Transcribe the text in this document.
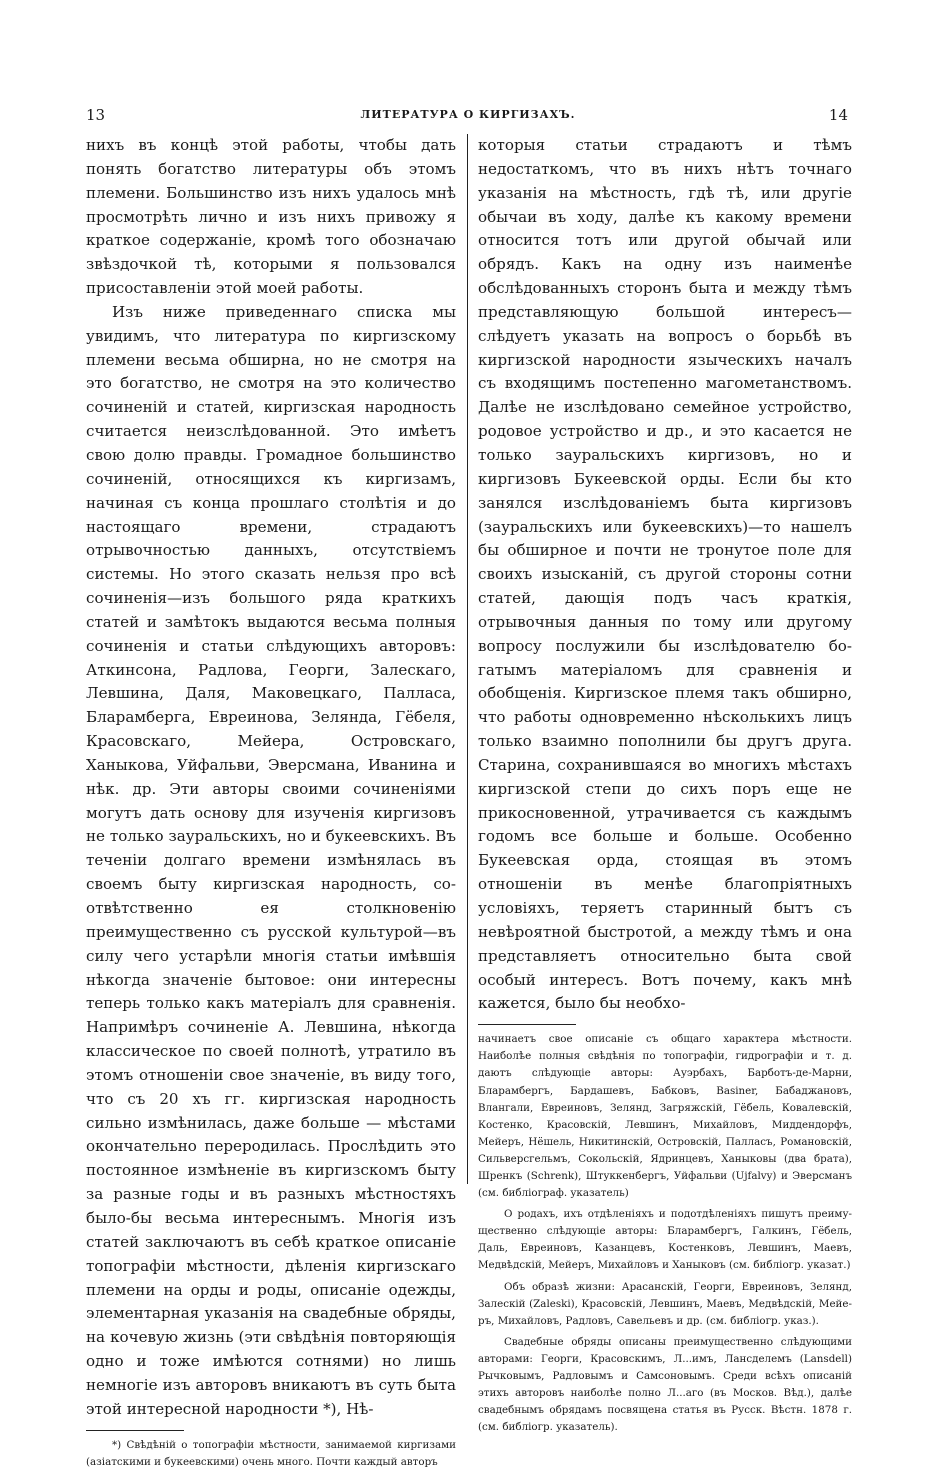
13	ЛИТЕРАТУРА О КИРГИЗАХЪ.	14

нихъ въ концѣ этой работы, чтобы дать понять богатство литературы объ этомъ племени. Большинство изъ нихъ удалось мнѣ просмотрѣть лично и изъ нихъ привожу я краткое содержаніе, кромѣ того обозначаю звѣздочкой тѣ, которыми я пользовался присоставленіи этой моей работы.

Изъ ниже приведеннаго списка мы увидимъ, что литература по киргизскому племени весьма обширна, но не смотря на это богатство, не смотря на это количество сочиненій и статей, киргизская народность считается неизслѣдованной. Это имѣетъ свою долю правды. Громадное большинство сочиненій, относящихся къ киргизамъ, начиная съ конца прошлаго столѣтія и до настоящаго времени, страдаютъ отрывочностью данныхъ, отсутствіемъ системы. Но этого сказать нельзя про всѣ сочиненія—изъ большого ряда краткихъ статей и замѣтокъ выдаются весьма полныя сочиненія и статьи слѣдующихъ авторовъ: Аткинсона, Радлова, Георги, Залескаго, Левшина, Даля, Маковецкаго, Палласа, Бларамберга, Евреинова, Зелянда, Гёбеля, Красовскаго, Мейера, Островскаго, Ханыкова, Уйфальви, Эверсмана, Иванина и нѣк. др. Эти авторы своими сочиненіями могутъ дать основу для изученія киргизовъ не только зауральскихъ, но и букеевскихъ. Въ теченіи долгаго времени измѣнялась въ своемъ быту киргизская народность, соотвѣтственно ея столкновенію преимущественно съ русской культурой—въ силу чего устарѣли многія статьи имѣвшія нѣкогда значеніе бытовое: они интересны теперь только какъ матеріалъ для сравненія. Напримѣръ сочиненіе А. Левшина, нѣкогда классическое по своей полнотѣ, утратило въ этомъ отношеніи свое значеніе, въ виду того, что съ 20 хъ гг. киргизская народность сильно измѣнилась, даже больше — мѣстами окончательно переродилась. Прослѣдить это постоянное измѣненіе въ киргизскомъ быту за разные годы и въ разныхъ мѣстностяхъ было-бы весьма интереснымъ. Многія изъ статей заключаютъ въ себѣ краткое описаніе топографіи мѣстности, дѣленія киргизскаго племени на орды и роды, описаніе одежды, элементарная указанія на свадебные обряды, на кочевую жизнь (эти свѣдѣнія повторяющія одно и тоже имѣются сотнями) но лишь немногіе изъ авторовъ вникаютъ въ суть быта этой интересной народности *), Нѣ-

*) Свѣдѣній о топографіи мѣстности, занимаемой киргизами (азіатскими и букеевскими) очень много. Почти каждый авторъ

которыя статьи страдаютъ и тѣмъ недостаткомъ, что въ нихъ нѣтъ точнаго указанія на мѣстность, гдѣ тѣ, или другіе обычаи въ ходу, далѣе къ какому времени относится тотъ или другой обычай или обрядъ. Какъ на одну изъ наименѣе обслѣдованныхъ сторонъ быта и между тѣмъ представляющую большой интересъ—слѣдуетъ указать на вопросъ о борьбѣ въ киргизской народности языческихъ началъ съ входящимъ постепенно магометанствомъ. Далѣе не изслѣдовано семейное устройство, родовое устройство и др., и это касается не только зауральскихъ киргизовъ, но и киргизовъ Букеевской орды. Если бы кто занялся изслѣдованіемъ быта киргизовъ (зауральскихъ или букеевскихъ)—то нашелъ бы обширное и почти не тронутое поле для своихъ изысканій, съ другой стороны сотни статей, дающія подъ часъ краткія, отрывочныя данныя по тому или другому вопросу послужили бы изслѣдователю богатымъ матеріаломъ для сравненія и обобщенія. Киргизское племя такъ обширно, что работы одновременно нѣсколькихъ лицъ только взаимно пополнили бы другъ друга. Старина, сохранившаяся во многихъ мѣстахъ киргизской степи до сихъ поръ еще не прикосновенной, утрачивается съ каждымъ годомъ все больше и больше. Особенно Букеевская орда, стоящая въ этомъ отношеніи въ менѣе благопріятныхъ условіяхъ, теряетъ старинный бытъ съ невѣроятной быстротой, а между тѣмъ и она представляетъ относительно быта свой особый интересъ. Вотъ почему, какъ мнѣ кажется, было бы необхо-

начинаетъ свое описаніе съ общаго характера мѣстности. Наиболѣе полныя свѣдѣнія по топографіи, гидрографіи и т. д. даютъ слѣдующіе авторы: Ауэрбахъ, Барботъ-де-Марни, Бларамбергъ, Бардашевъ, Бабковъ, Basiner, Бабаджановъ, Влангали, Евреиновъ, Зелянд, Загряжскій, Гёбель, Ковалевскій, Костенко, Красовскій, Левшинъ, Михайловъ, Миддендорфъ, Мейеръ, Нёшель, Никитинскій, Островскій, Палласъ, Романовскій, Сильверсгельмъ, Сокольскій, Ядринцевъ, Ханыковы (два брата), Шренкъ (Schrenk), Штуккенбергъ, Уйфальви (Ujfalvy) и Эверсманъ (см. библіограф. указатель)

О родахъ, ихъ отдѣленіяхъ и подотдѣленіяхъ пишутъ преимущественно слѣдующіе авторы: Бларамбергъ, Галкинъ, Гёбель, Даль, Евреиновъ, Казанцевъ, Костенковъ, Левшинъ, Маевъ, Медвѣдскій, Мейеръ, Михайловъ и Ханыковъ (см. библіогр. указат.)

Объ образѣ жизни: Арасанскій, Георги, Евреиновъ, Зелянд, Залескій (Zaleski), Красовскій, Левшинъ, Маевъ, Медвѣдскій, Мейеръ, Михайловъ, Радловъ, Савельевъ и др. (см. библіогр. указ.).

Свадебные обряды описаны преимущественно слѣдующими авторами: Георги, Красовскимъ, Л...имъ, Лансделемъ (Lansdell) Рычковымъ, Радловымъ и Самсоновымъ. Среди всѣхъ описаній этихъ авторовъ наиболѣе полно Л...аго (въ Москов. Вѣд.), далѣе свадебнымъ обрядамъ посвящена статья въ Русск. Вѣстн. 1878 г. (см. библіогр. указатель).
